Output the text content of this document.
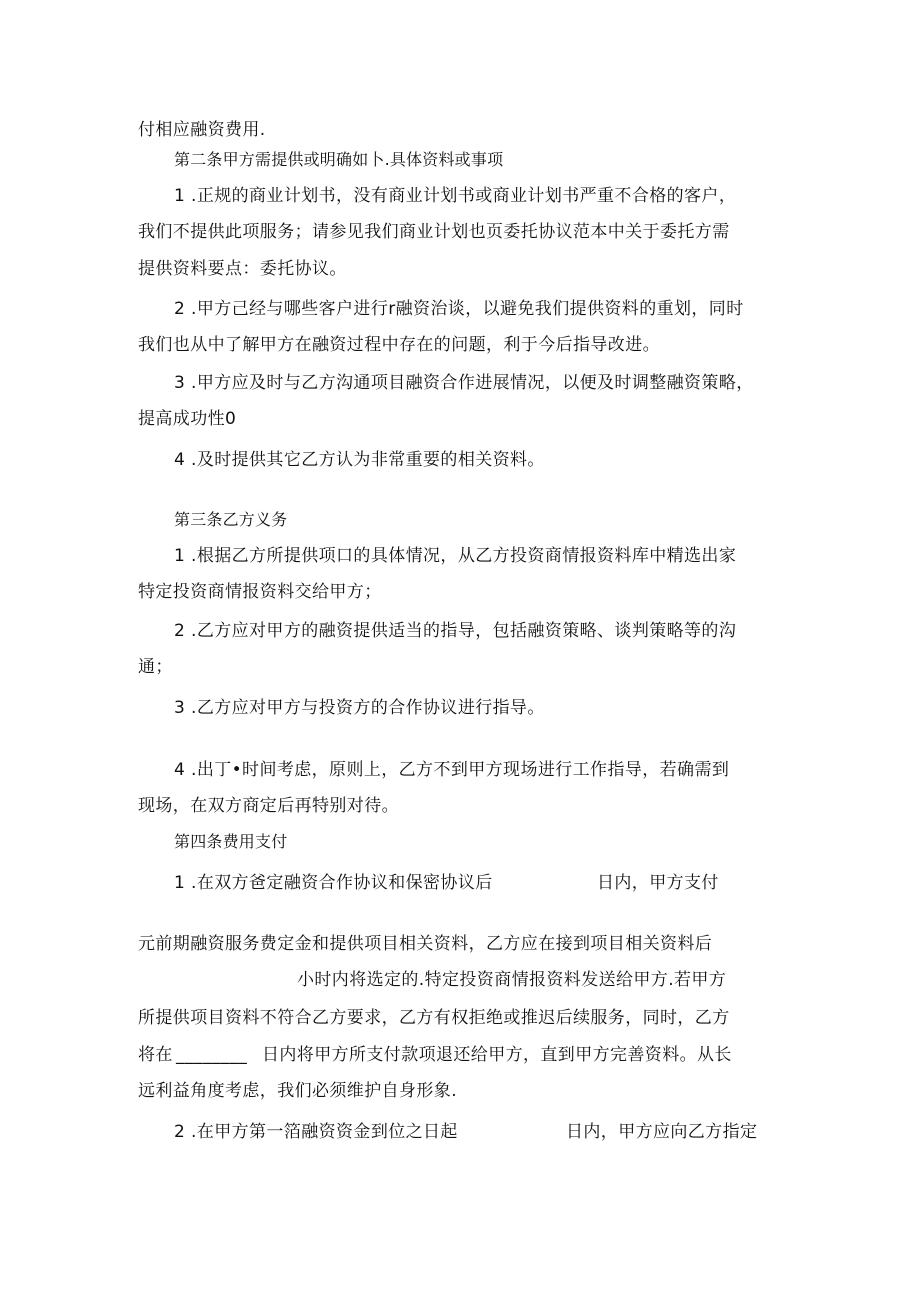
付相应融资费用.
第二条甲方需提供或明确如卜.具体资料或事项
1 .正规的商业计划书，没有商业计划书或商业计划书严重不合格的客户，
我们不提供此项服务；请参见我们商业计划也页委托协议范本中关于委托方需
提供资料要点：委托协议。
2 .甲方己经与哪些客户进行r融资治谈，以避免我们提供资料的重划，同时
我们也从中了解甲方在融资过程中存在的问题，利于今后指导改进。
3 .甲方应及时与乙方沟通项目融资合作进展情况，以便及时调整融资策略，
提高成功性0
4 .及时提供其它乙方认为非常重要的相关资料。
第三条乙方义务
1 .根据乙方所提供项口的具体情况，从乙方投资商情报资料库中精选出家
特定投资商情报资料交给甲方；
2 .乙方应对甲方的融资提供适当的指导，包括融资策略、谈判策略等的沟
通；
3 .乙方应对甲方与投资方的合作协议进行指导。
4 .出丁•时间考虑，原则上，乙方不到甲方现场进行工作指导，若确需到
现场，在双方商定后再特别对待。
第四条费用支付
1 .在双方爸定融资合作协议和保密协议后	日内，甲方支付
元前期融资服务费定金和提供项目相关资料，乙方应在接到项目相关资料后
小时内将选定的.特定投资商情报资料发送给甲方.若甲方
所提供项目资料不符合乙方要求，乙方有权拒绝或推迟后续服务，同时，乙方
将在 ________ 日内将甲方所支付款项退还给甲方，直到甲方完善资料。从长
远利益角度考虑，我们必须维护自身形象.
2 .在甲方第一箔融资资金到位之日起	日内，甲方应向乙方指定
